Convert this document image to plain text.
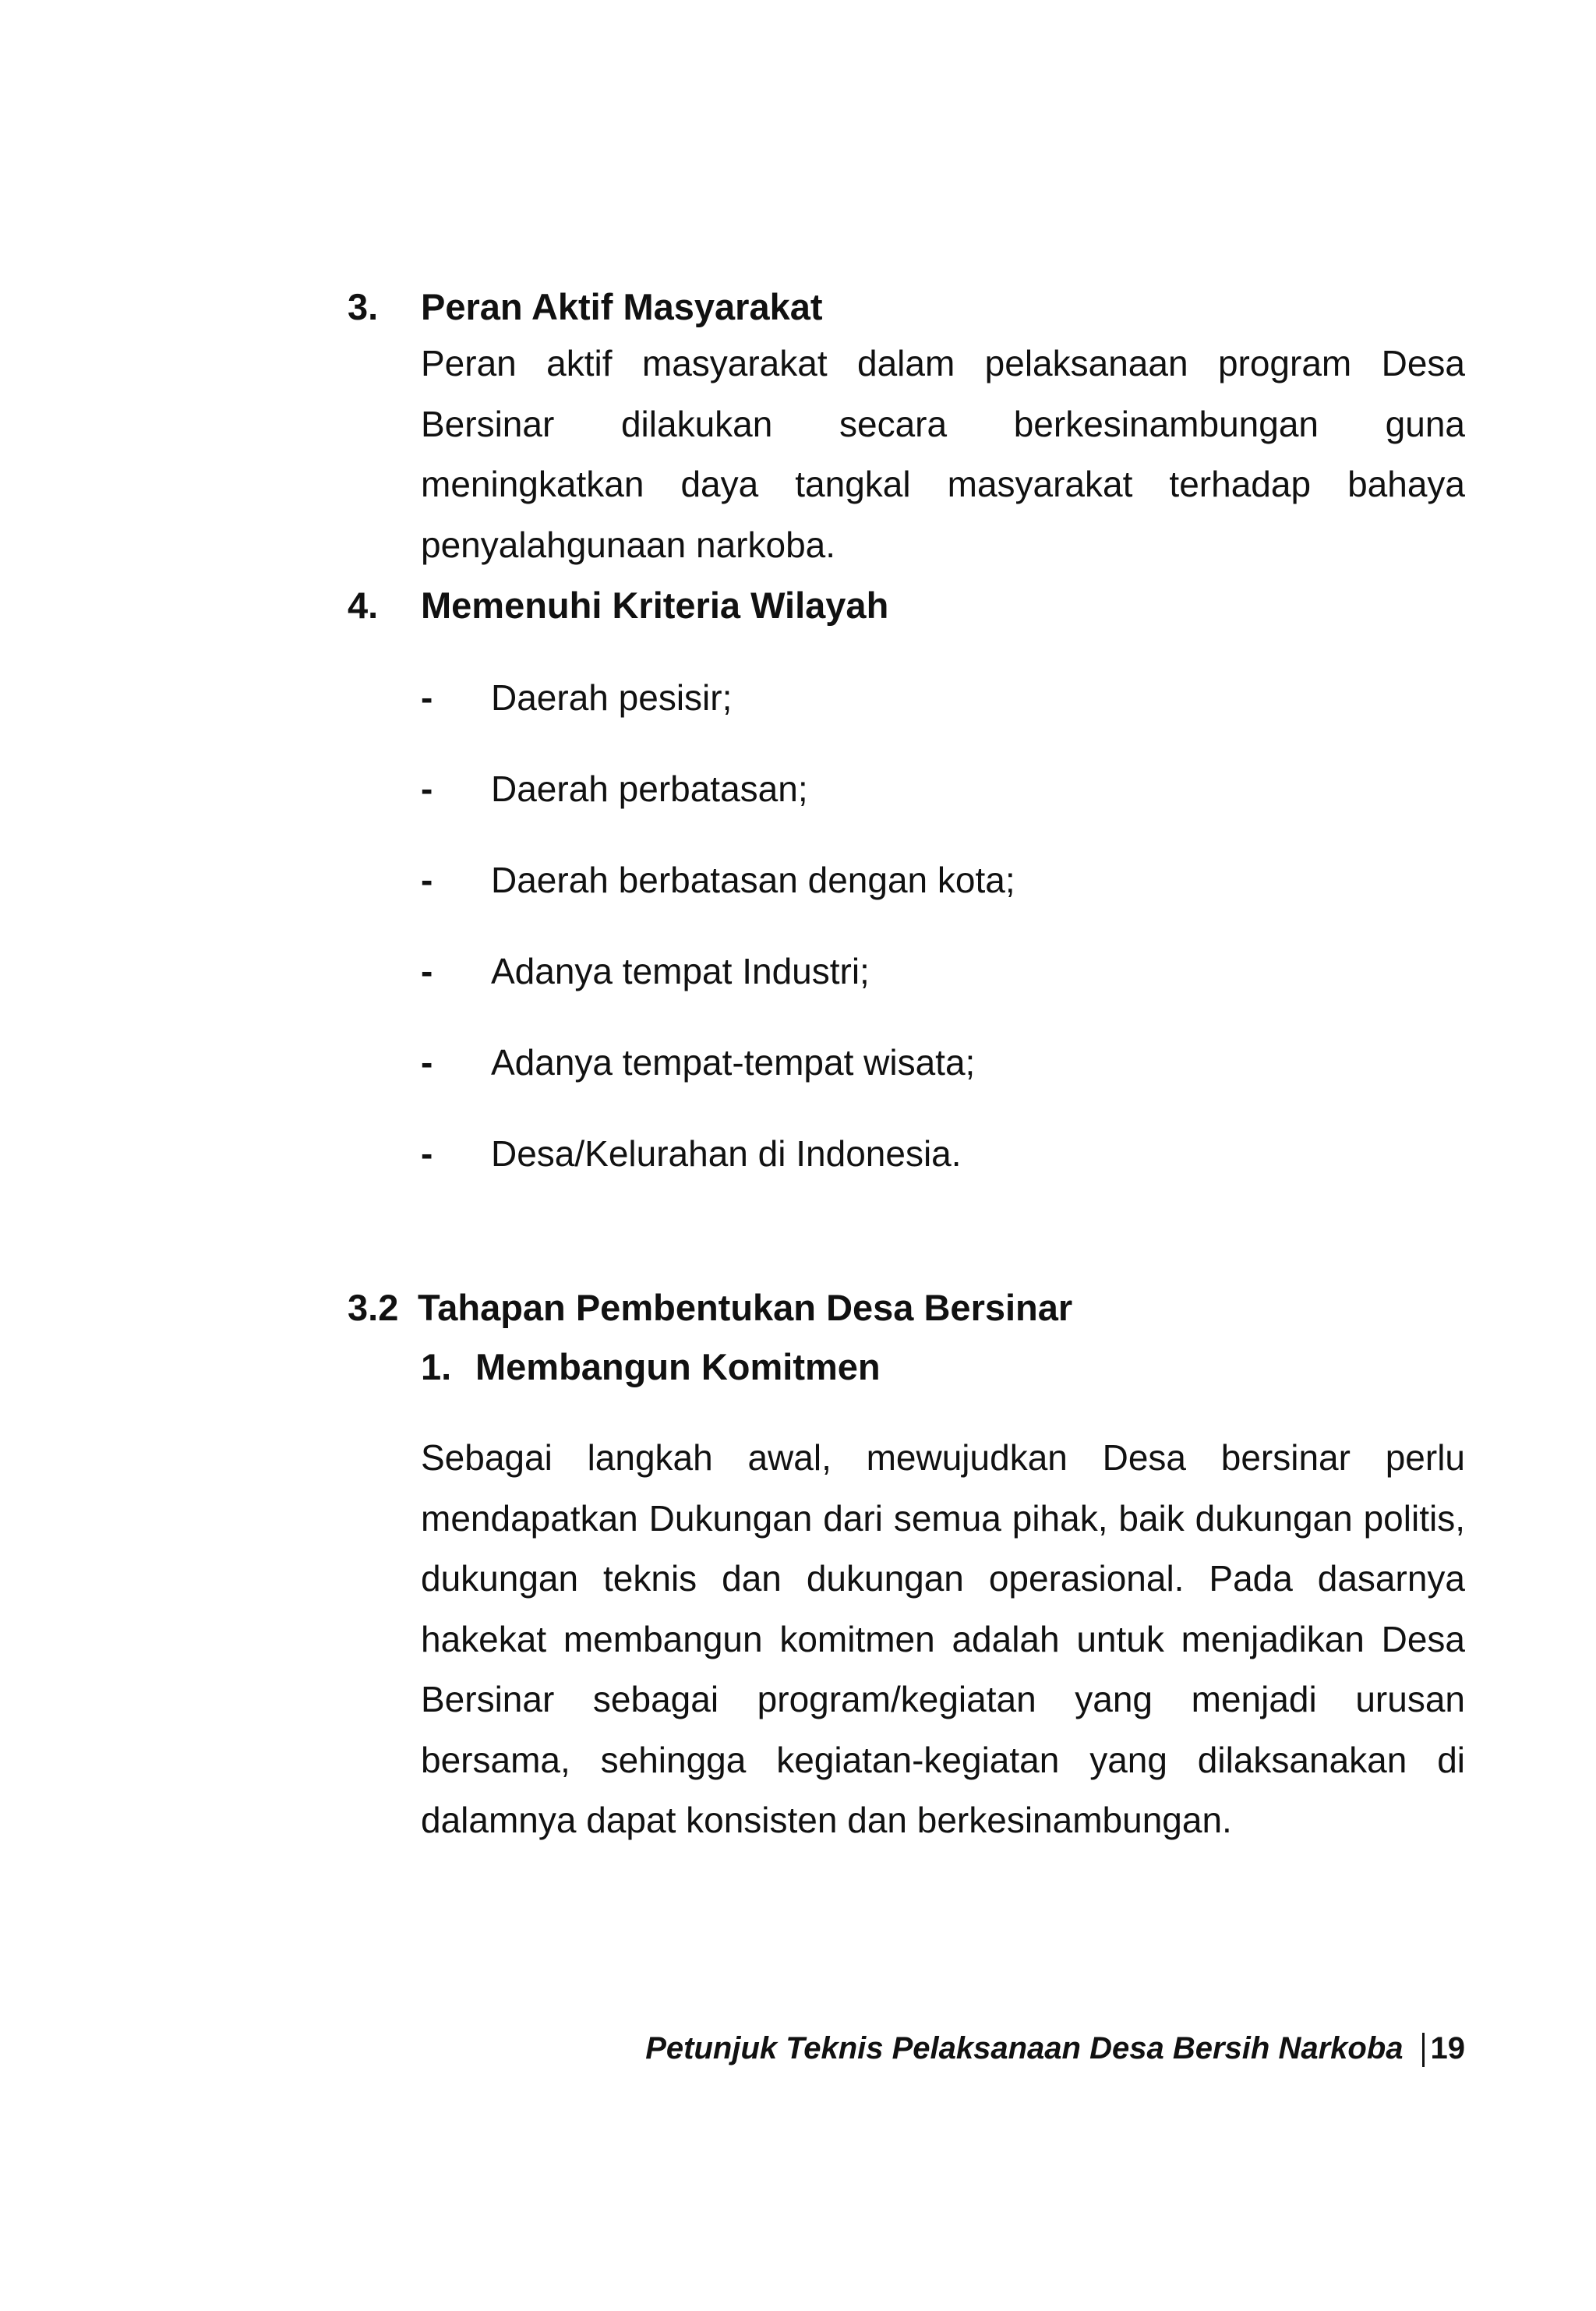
3. Peran Aktif Masyarakat

Peran aktif masyarakat dalam pelaksanaan program Desa Bersinar dilakukan secara berkesinambungan guna meningkatkan daya tangkal masyarakat terhadap bahaya penyalahgunaan narkoba.

4. Memenuhi Kriteria Wilayah
- Daerah pesisir;
- Daerah perbatasan;
- Daerah berbatasan dengan kota;
- Adanya tempat Industri;
- Adanya tempat-tempat wisata;
- Desa/Kelurahan di Indonesia.
3.2 Tahapan Pembentukan Desa Bersinar
1. Membangun Komitmen

Sebagai langkah awal, mewujudkan Desa bersinar perlu mendapatkan Dukungan dari semua pihak, baik dukungan politis, dukungan teknis dan dukungan operasional. Pada dasarnya hakekat membangun komitmen adalah untuk menjadikan Desa Bersinar sebagai program/kegiatan yang menjadi urusan bersama, sehingga kegiatan-kegiatan yang dilaksanakan di dalamnya dapat konsisten dan berkesinambungan.

Petunjuk Teknis Pelaksanaan Desa Bersih Narkoba 19
